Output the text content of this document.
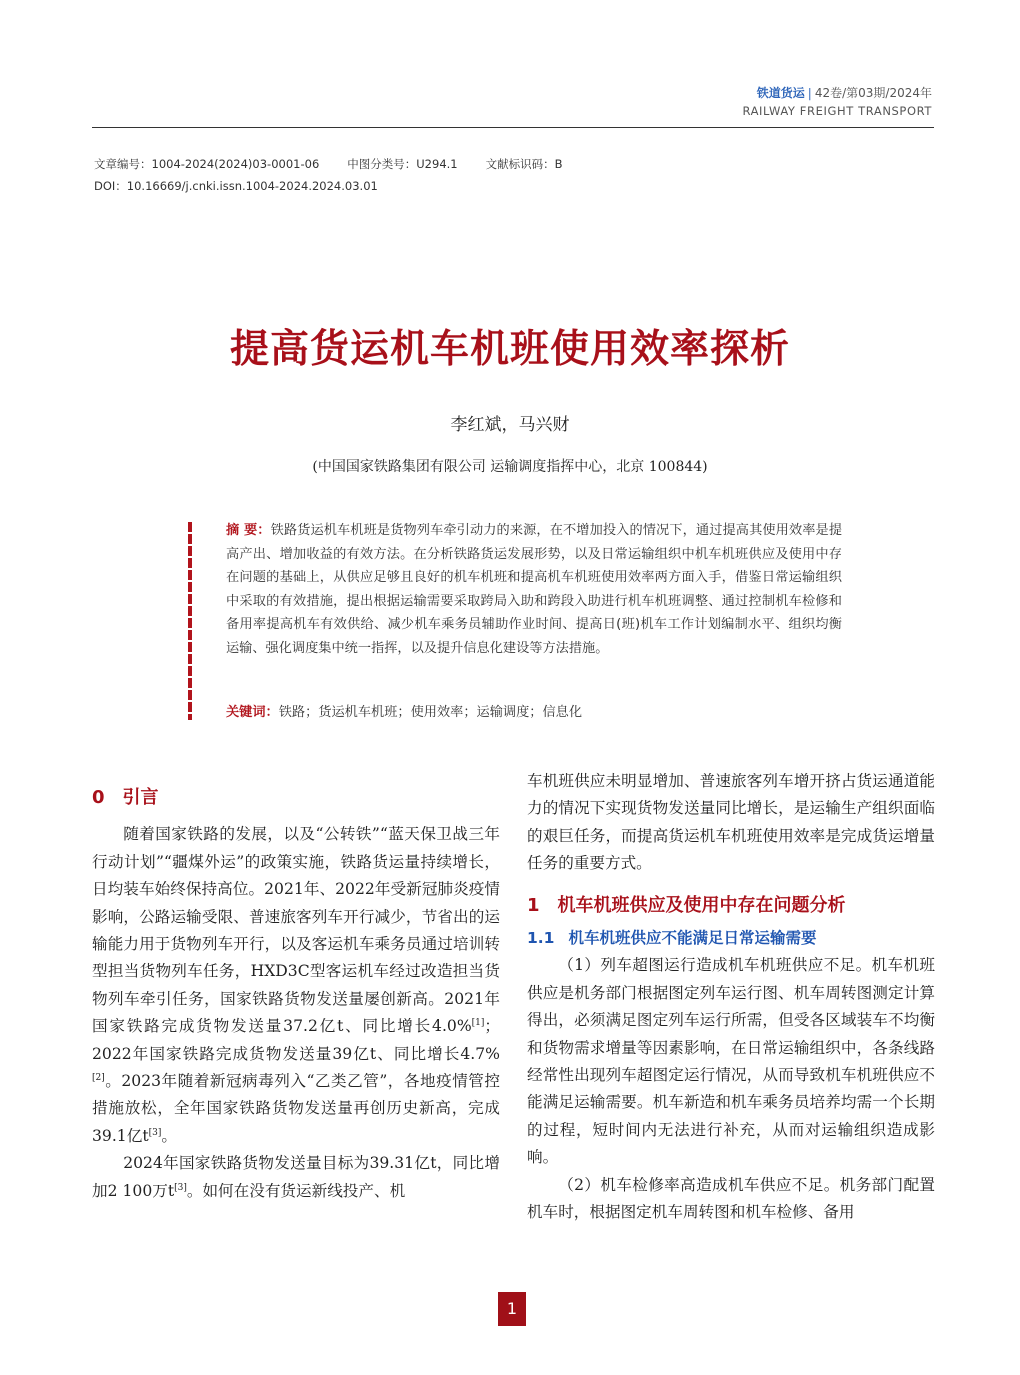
铁道货运 | 42卷/第03期/2024年
RAILWAY FREIGHT TRANSPORT
文章编号：1004-2024(2024)03-0001-06 中图分类号：U294.1 文献标识码：B
DOI：10.16669/j.cnki.issn.1004-2024.2024.03.01
提高货运机车机班使用效率探析
李红斌，马兴财
(中国国家铁路集团有限公司 运输调度指挥中心，北京 100844)
摘 要：铁路货运机车机班是货物列车牵引动力的来源，在不增加投入的情况下，通过提高其使用效率是提高产出、增加收益的有效方法。在分析铁路货运发展形势，以及日常运输组织中机车机班供应及使用中存在问题的基础上，从供应足够且良好的机车机班和提高机车机班使用效率两方面入手，借鉴日常运输组织中采取的有效措施，提出根据运输需要采取跨局入助和跨段入助进行机车机班调整、通过控制机车检修和备用率提高机车有效供给、减少机车乘务员辅助作业时间、提高日(班)机车工作计划编制水平、组织均衡运输、强化调度集中统一指挥，以及提升信息化建设等方法措施。
关键词：铁路；货运机车机班；使用效率；运输调度；信息化

0 引言

随着国家铁路的发展，以及“公转铁”“蓝天保卫战三年行动计划”“疆煤外运”的政策实施，铁路货运量持续增长，日均装车始终保持高位。2021年、2022年受新冠肺炎疫情影响，公路运输受限、普速旅客列车开行减少，节省出的运输能力用于货物列车开行，以及客运机车乘务员通过培训转型担当货物列车任务，HXD3C型客运机车经过改造担当货物列车牵引任务，国家铁路货物发送量屡创新高。2021年国家铁路完成货物发送量37.2亿t、同比增长4.0%[1]；2022年国家铁路完成货物发送量39亿t、同比增长4.7%[2]。2023年随着新冠病毒列入“乙类乙管”，各地疫情管控措施放松，全年国家铁路货物发送量再创历史新高，完成39.1亿t[3]。

2024年国家铁路货物发送量目标为39.31亿t，同比增加2 100万t[3]。如何在没有货运新线投产、机

车机班供应未明显增加、普速旅客列车增开挤占货运通道能力的情况下实现货物发送量同比增长，是运输生产组织面临的艰巨任务，而提高货运机车机班使用效率是完成货运增量任务的重要方式。

1 机车机班供应及使用中存在问题分析

1.1 机车机班供应不能满足日常运输需要

（1）列车超图运行造成机车机班供应不足。机车机班供应是机务部门根据图定列车运行图、机车周转图测定计算得出，必须满足图定列车运行所需，但受各区域装车不均衡和货物需求增量等因素影响，在日常运输组织中，各条线路经常性出现列车超图定运行情况，从而导致机车机班供应不能满足运输需要。机车新造和机车乘务员培养均需一个长期的过程，短时间内无法进行补充，从而对运输组织造成影响。

（2）机车检修率高造成机车供应不足。机务部门配置机车时，根据图定机车周转图和机车检修、备用

1
